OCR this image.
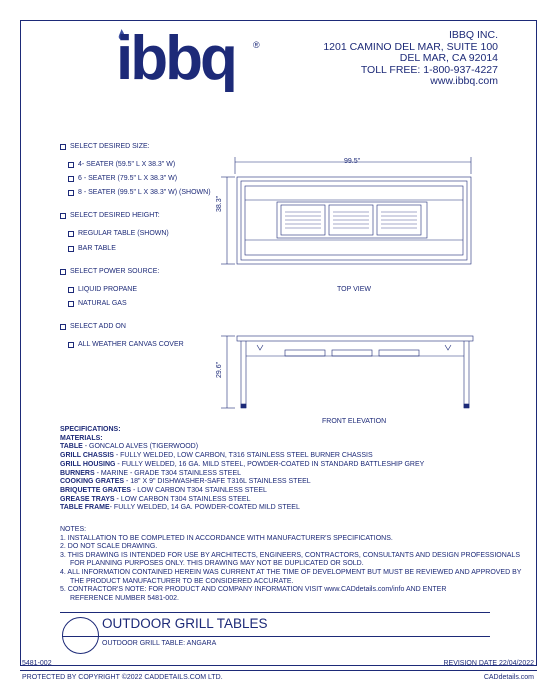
ibbq ®
IBBQ INC.
1201 CAMINO DEL MAR, SUITE 100
DEL MAR, CA 92014
TOLL FREE: 1-800-937-4227
www.ibbq.com
SELECT DESIRED SIZE:
4- SEATER (59.5" L X 38.3" W)
6 - SEATER (79.5" L X 38.3" W)
8 - SEATER (99.5" L X 38.3" W) (SHOWN)
SELECT DESIRED HEIGHT:
REGULAR TABLE (SHOWN)
BAR TABLE
SELECT POWER SOURCE:
LIQUID PROPANE
NATURAL GAS
SELECT ADD ON
ALL WEATHER CANVAS COVER
99.5"
38.3"
TOP VIEW
29.6"
FRONT ELEVATION
SPECIFICATIONS:
MATERIALS:
TABLE - GONCALO ALVES (TIGERWOOD)
GRILL CHASSIS - FULLY WELDED, LOW CARBON, T316 STAINLESS STEEL BURNER CHASSIS
GRILL HOUSING - FULLY WELDED, 16 GA. MILD STEEL, POWDER-COATED IN STANDARD BATTLESHIP GREY
BURNERS - MARINE - GRADE T304 STAINLESS STEEL
COOKING GRATES - 18" X 9" DISHWASHER-SAFE T316L STAINLESS STEEL
BRIQUETTE GRATES - LOW CARBON T304 STAINLESS STEEL
GREASE TRAYS - LOW CARBON T304 STAINLESS STEEL
TABLE FRAME- FULLY WELDED, 14 GA. POWDER-COATED MILD STEEL
NOTES:
1. INSTALLATION TO BE COMPLETED IN ACCORDANCE WITH MANUFACTURER'S SPECIFICATIONS.
2. DO NOT SCALE DRAWING.
3. THIS DRAWING IS INTENDED FOR USE BY ARCHITECTS, ENGINEERS, CONTRACTORS, CONSULTANTS AND DESIGN PROFESSIONALS
FOR PLANNING PURPOSES ONLY. THIS DRAWING MAY NOT BE DUPLICATED OR SOLD.
4. ALL INFORMATION CONTAINED HEREIN WAS CURRENT AT THE TIME OF DEVELOPMENT BUT MUST BE REVIEWED AND APPROVED BY
THE PRODUCT MANUFACTURER TO BE CONSIDERED ACCURATE.
5. CONTRACTOR'S NOTE: FOR PRODUCT AND COMPANY INFORMATION VISIT www.CADdetails.com/info AND ENTER
REFERENCE NUMBER 5481-002.
OUTDOOR GRILL TABLES
OUTDOOR GRILL TABLE: ANGARA
5481-002	REVISION DATE 22/04/2022
PROTECTED BY COPYRIGHT ©2022 CADDETAILS.COM LTD.	CADdetails.com
